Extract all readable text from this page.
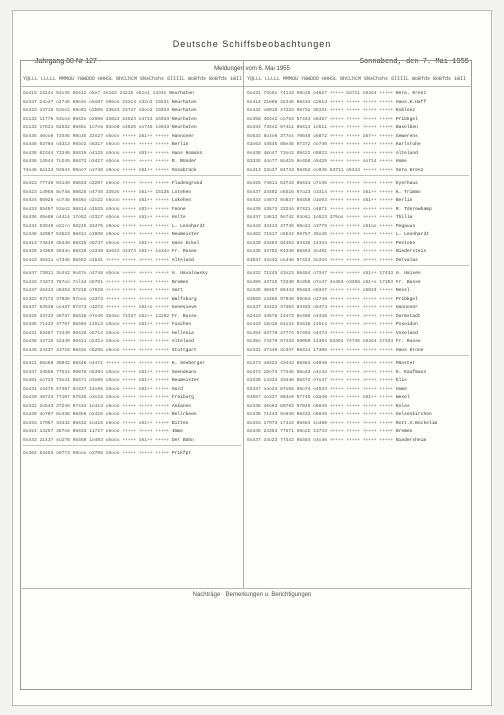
Deutsche Schiffsbeobachtungen
Jahrgang 80 Nr 127	Sonnabend, den 7. Mai 1955
Meldungen vom 6. Mai 1955
YQLLL LLLLL MMMUU YWWDDD HHHSL NhCLhCM 8NsChshs 0IIIIL WoBfds WoBfds 1WII YQLLL LLLLL MMMUU YWWDDD HHHSL NhCLhCM 8NsChshs 0IIIIL WoBfds WoBfds 1WII
6o416 2314o 52o45 86412 o5o7 3o163 24215 o51o1 1434o Neurhaten
6o437 24o47 o2745 98e3o o5o07 o05oo 24314 o32oI 15531 Neurhaten
6o423 13715 53oo2 98o01 o2b05 23523 24747 o5oo3 15033 Neurhaten
6o132 11776 53oo4 9842o o2608 33623 24524 o4713 15033 Neurhaten
6o132 17621 52532 9845o 1o7o5 03oo0 o4626 oo745 14943 Neurhaten
6o435 46oo8 73445 98o35 33s27 o5ooo +++++ o51++ +++++ Hannover
6o446 63704 o4313 983o2 o8317 o5ooo +++++ +++++ +++++ Berlin
6o436 62344 73346 98416 o4125 o5ooo +++++ o51++ +++++ Hans Homann
6o438 14544 7o245 98472 o3427 o5ooo +++++ +++++ +++++ R. Bünder
74o46 6a124 92644 98oo7 o1746 o5ooo +++++ o51++ +++++ Osnabrück
6o423 77746 63149 98633 o2207 o5ooo +++++ +++++ +++++ Fladengrund
6o423 14956 8o748 98628 o4745 3353o +++++ o51++ 15136 Lotehen
6o434 65926 so745 9846o o2o22 o5ooo +++++ o51++ +++++ Lokehen
6o433 55467 53oo2 98414 o1525 o5ooo +++++ o51++ +++++ Fenne
6o436 45e08 o4414 17o52 o2327 o5ooo +++++ o51++ +++++ Holte
6o434 53946 o21+o 56246 33475 o5ooo +++++ +++++ +++++ L. Leonhardt
6o348 42967 53523 98411 o3808 o5ooo +++++ +++++ +++++ Neumeister
6o414 74649 45449 98415 o5747 o5ooo +++++ o51++ +++++ Hans Eckel
6o426 24369 4634o 98418 o3348 3o6z2 41373 o51++ 1434o Fr. Rusee
6o443 46311 o7345 98482 o1531 +++++ +++++ +++++ +++++ Altelund
6o447 73011 3o442 9o47o o4748 o5ooo +++++ +++++ +++++ H. Hasalowsky
6o433 74373 787oo 7ol34 o5761 +++++ +++++ +++++ +++++ Bremen
6o437 o5413 o6453 97218 o7628 +++++ +++++ +++++ +++++ Amrt
6z332 57172 37936 97ooo o3373 +++++ +++++ +++++ +++++ Walfsburg
6o437 54538 oo437 97373 o3272 +++++ +++++ o51+o +++++ Genevieve
6o426 34732 48737 98435 o7o46 354ao 71337 o5z++ 13282 Fr. Busse
6o435 71432 37757 98404 11513 o5ooo +++++ o51++ +++++ Fuschen
6o431 53467 71449 98418 o5714 o5ooo +++++ +++++ +++++ Hellenia
6o436 43715 42449 98411 o2414 o5ooo +++++ +++++ +++++ Altelund
6o446 24437 43716 9843o o5255 o5ooo +++++ +++++ +++++ Stuttgart
6o421 65o68 38942 98448 o4471 +++++ +++++ +++++ +++++ K. Seeberger
6o437 34566 77534 90878 o5394 o5ooo +++++ o51++ +++++ Seendeans
6o381 oo723 73o41 98471 o3o05 o5ooo +++++ o51++ +++++ Neumeister
6o431 o4475 57367 9o437 14o56 o5ooo +++++ o51++ +++++ Hurd
6o439 48733 77107 97535 o3o18 o5ooo +++++ +++++ +++++ Freiburg
6o432 2o543 37249 97434 1o413 o5ooo +++++ +++++ +++++ Ankanen
6o349 4o767 6o438 98458 o2416 o5ooo +++++ +++++ +++++ Bellrbeen
6o433 17967 33442 98432 1o415 o5ooo +++++ o51++ +++++ Bitten
6o424 14257 387o5 98433 11727 o5ooo +++++ +++++ +++++ Imme
6o433 21437 4o278 98450 1o403 o5ooo +++++ o51++ +++++ Der Bühn
6o364 54463 o6773 98ooo o3708 o5ooo +++++ +++++ +++++ Prikfpt
6o431 74o5o 74143 98o18 o4627 +++++ 63711 o5344 +++++ Rera. Krenz
6o414 21806 32345 98434 o2613 +++++ +++++ +++++ +++++ Hans.K.Haff
6o442 o8918 47233 98732 35331 +++++ +++++ +++++ +++++ Koblenz
6o358 46442 oo753 57444 o6457 +++++ +++++ +++++ +++++ Pribkgel
6o434 73542 67411 98414 1o511 +++++ +++++ +++++ +++++ Baselben
6o532 8o4o6 377o4 70648 o6872 +++++ +++++ o57++ +++++ Gewerens
63o63 44545 88e45 97372 oo746 +++++ +++++ +++++ +++++ Karlsruhe
6o438 48o47 73oo2 98422 o5023 +++++ +++++ +++++ +++++ Altelund
63335 44o77 8o415 9o458 o5428 +++++ +++++ oo714 +++++ Home
6o413 33o37 84743 98452 oo945 63711 o5344 +++++ +++++ Sera Krenz
6o425 74611 63743 98431 o7o35 +++++ +++++ +++++ +++++ Eyerhaus
6o437 34402 o5516 97o23 o3314 +++++ +++++ o51++ +++++ K. Trimmo
6o433 o4873 9o637 98458 o3o03 +++++ +++++ o51++ +++++ Berlin
6o436 43573 33244 97421 o4871 +++++ +++++ +++++ +++++ R. Tderewhamp
6o437 14612 9o742 93o61 1o523 375os +++++ +++++ +++++ Thilla
6o443 43413 47749 98o31 o3779 +++++ +++++ o51oo +++++ Pegauus
6o462 71517 o5534 96757 35o45 +++++ +++++ +++++ +++++ L. Leonhardt
6o349 33463 94453 93438 14334 +++++ +++++ +++++ +++++ Pestone
6o335 33752 64349 98454 3o481 +++++ +++++ +++++ +++++ Niederstein
63537 44o42 oo446 97423 3o334 +++++ +++++ +++++ +++++ Dervalas
6o432 71245 43o23 98484 o7347 +++++ +++++ o51++ 17433 H. Haisen
6o456 43735 73340 9o350 o7o47 4o463 o3368 o51+o 17353 Fr. Busse
6o345 46457 86443 95483 o6347 +++++ +++++ o5044 +++++ Nessl
63569 o4486 97949 99o84 o4748 +++++ +++++ +++++ +++++ Pribkgel
6o347 44423 37463 93493 o5474 +++++ +++++ +++++ +++++ Hannover
63433 44576 14473 9o489 o4448 +++++ +++++ +++++ +++++ Darmstadt
6o443 18o16 81o34 93435 14514 +++++ +++++ +++++ +++++ Poseidon
6o454 33778 47774 97494 o4474 +++++ +++++ +++++ +++++ Voseland
6o35o 73479 97433 98058 14394 53454 74735 o5344 17334 Fr. Russe
6o431 47346 3o347 98414 17306 +++++ +++++ +++++ +++++ Hans Krone
6o373 o8423 43443 98484 o4948 +++++ +++++ +++++ +++++ Münster
6o374 16o73 77445 98o33 o4o43 +++++ +++++ +++++ +++++ K. Kaufmann
63338 14333 43448 98472 o7o47 +++++ +++++ +++++ +++++ Elis
63337 o4o33 87o56 96o74 o4533 +++++ +++++ +++++ +++++ Home
63557 oo337 964o9 97745 o3a46 +++++ +++++ o51++ +++++ Wesel
6o438 46o63 80793 97846 o6848 +++++ +++++ +++++ +++++ Koles
6o336 71443 9o849 98433 o6848 +++++ +++++ +++++ +++++ Gelsenkirchen
6o433 17973 17443 98484 1o486 +++++ +++++ +++++ +++++ Rott.V.Bockelim
6o445 24353 77571 98o22 13743 +++++ +++++ +++++ +++++ Bremen
6o437 34o23 77443 98454 o4o46 +++++ +++++ +++++ +++++ Niedersheim
Nachträge · Bemerkungen u. Berichtigungen
